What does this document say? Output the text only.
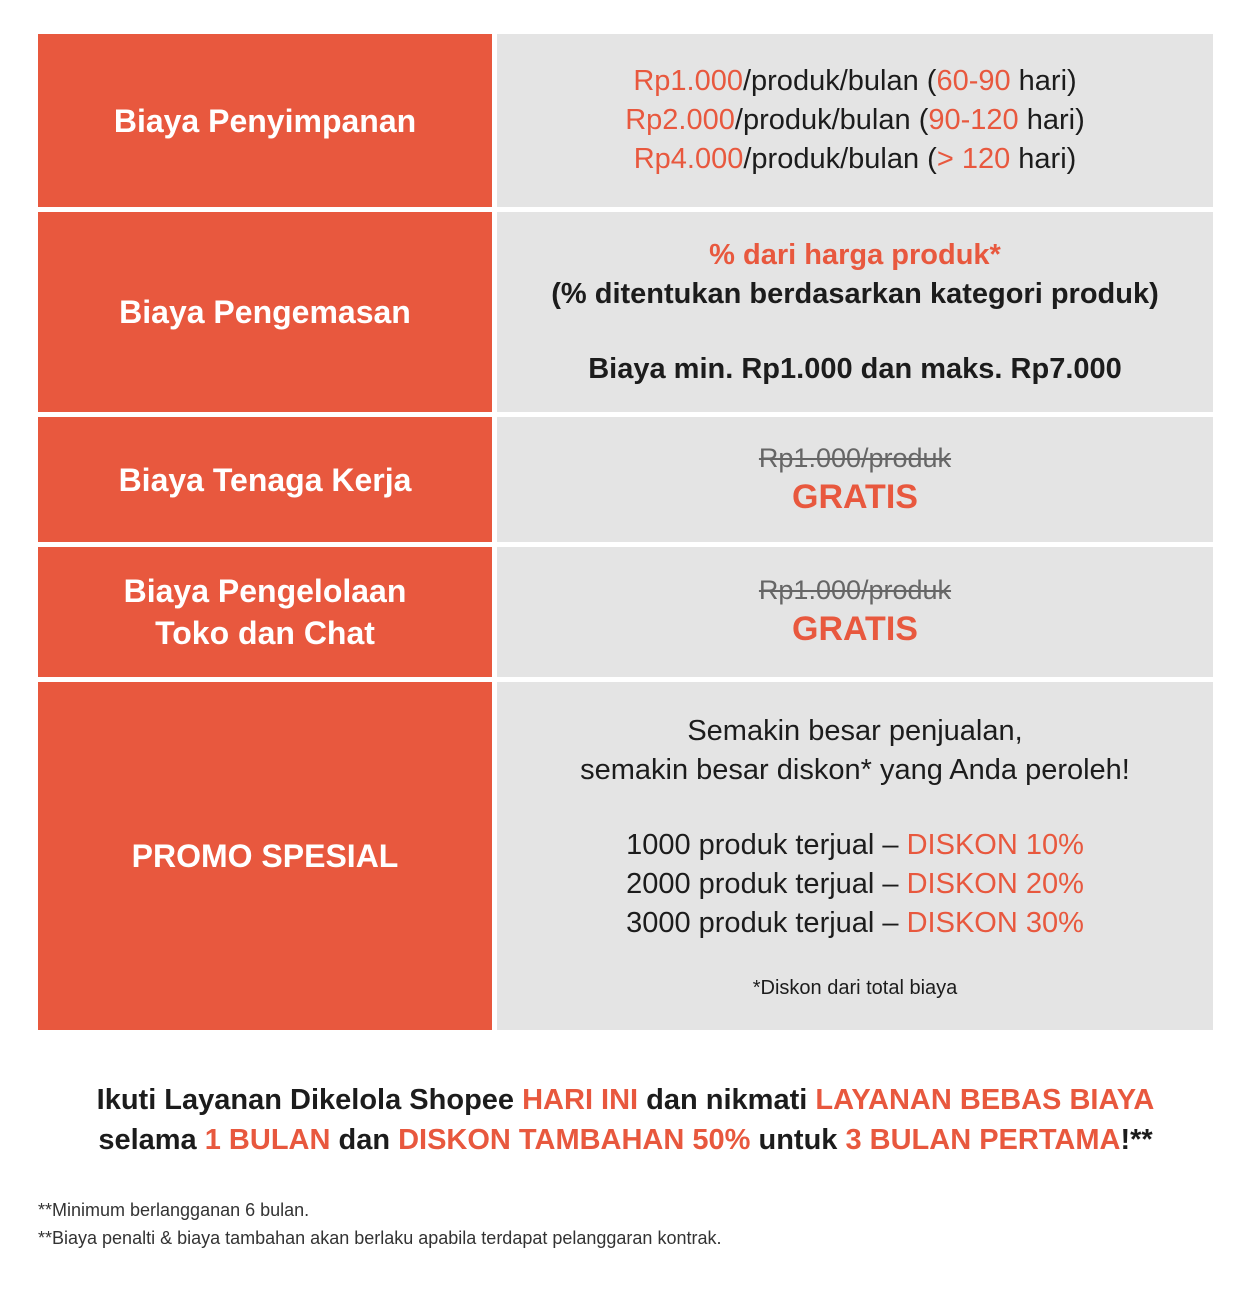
Biaya Penyimpanan
Rp1.000/produk/bulan (60-90 hari)
Rp2.000/produk/bulan (90-120 hari)
Rp4.000/produk/bulan (> 120 hari)
Biaya Pengemasan
% dari harga produk*
(% ditentukan berdasarkan kategori produk)
Biaya min. Rp1.000 dan maks. Rp7.000
Biaya Tenaga Kerja
Rp1.000/produk
GRATIS
Biaya Pengelolaan
Toko dan Chat
Rp1.000/produk
GRATIS
PROMO SPESIAL
Semakin besar penjualan,
semakin besar diskon* yang Anda peroleh!
1000 produk terjual – DISKON 10%
2000 produk terjual – DISKON 20%
3000 produk terjual – DISKON 30%
*Diskon dari total biaya
Ikuti Layanan Dikelola Shopee HARI INI dan nikmati LAYANAN BEBAS BIAYA
selama 1 BULAN dan DISKON TAMBAHAN 50% untuk 3 BULAN PERTAMA!**
**Minimum berlangganan 6 bulan.
**Biaya penalti & biaya tambahan akan berlaku apabila terdapat pelanggaran kontrak.
